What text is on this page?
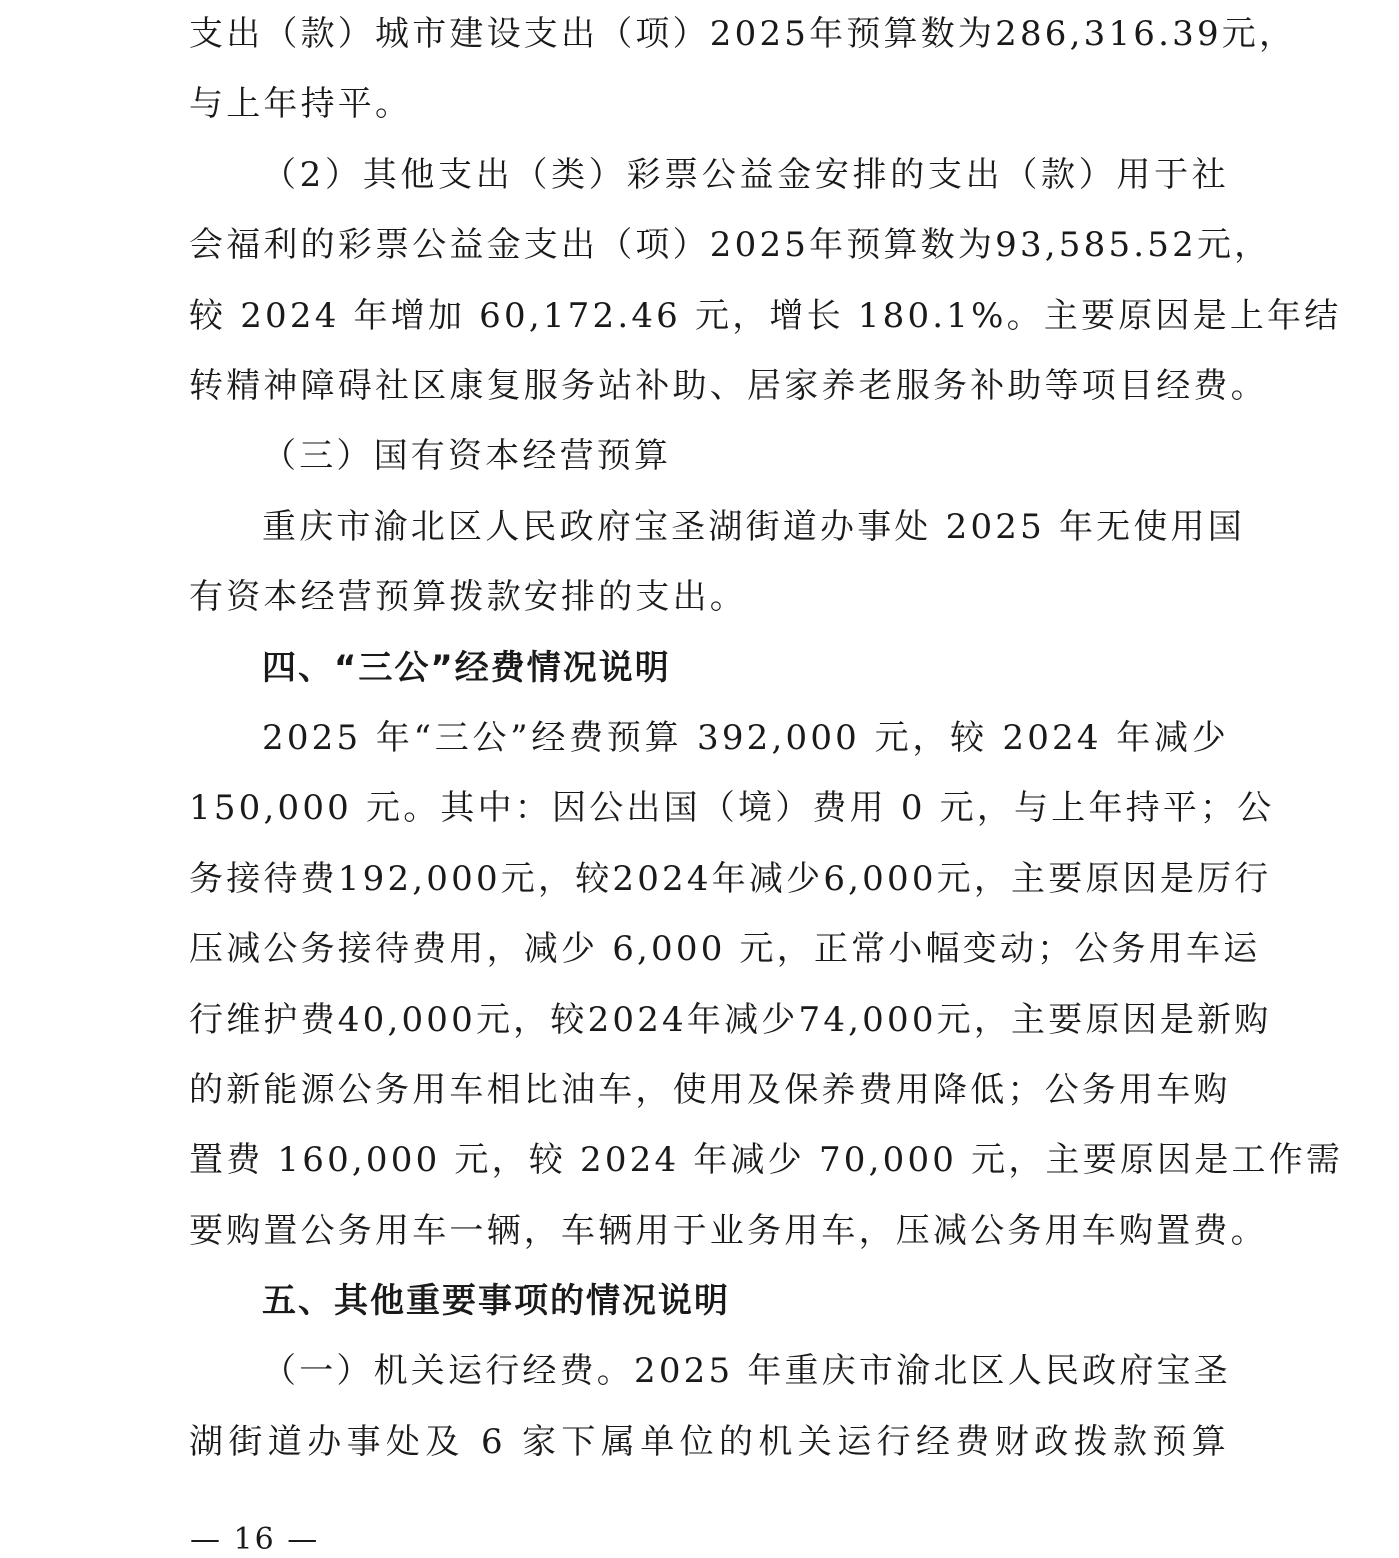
支出（款）城市建设支出（项）2025年预算数为286,316.39元，
与上年持平。
（2）其他支出（类）彩票公益金安排的支出（款）用于社
会福利的彩票公益金支出（项）2025年预算数为93,585.52元，
较 2024 年增加 60,172.46 元，增长 180.1%。主要原因是上年结
转精神障碍社区康复服务站补助、居家养老服务补助等项目经费。
（三）国有资本经营预算
重庆市渝北区人民政府宝圣湖街道办事处 2025 年无使用国
有资本经营预算拨款安排的支出。
四、“三公”经费情况说明
2025 年“三公”经费预算 392,000 元，较 2024 年减少
150,000 元。其中：因公出国（境）费用 0 元，与上年持平；公
务接待费192,000元，较2024年减少6,000元，主要原因是厉行
压减公务接待费用，减少 6,000 元，正常小幅变动；公务用车运
行维护费40,000元，较2024年减少74,000元，主要原因是新购
的新能源公务用车相比油车，使用及保养费用降低；公务用车购
置费 160,000 元，较 2024 年减少 70,000 元，主要原因是工作需
要购置公务用车一辆，车辆用于业务用车，压减公务用车购置费。
五、其他重要事项的情况说明
（一）机关运行经费。2025 年重庆市渝北区人民政府宝圣
湖街道办事处及 6 家下属单位的机关运行经费财政拨款预算
— 16 —
